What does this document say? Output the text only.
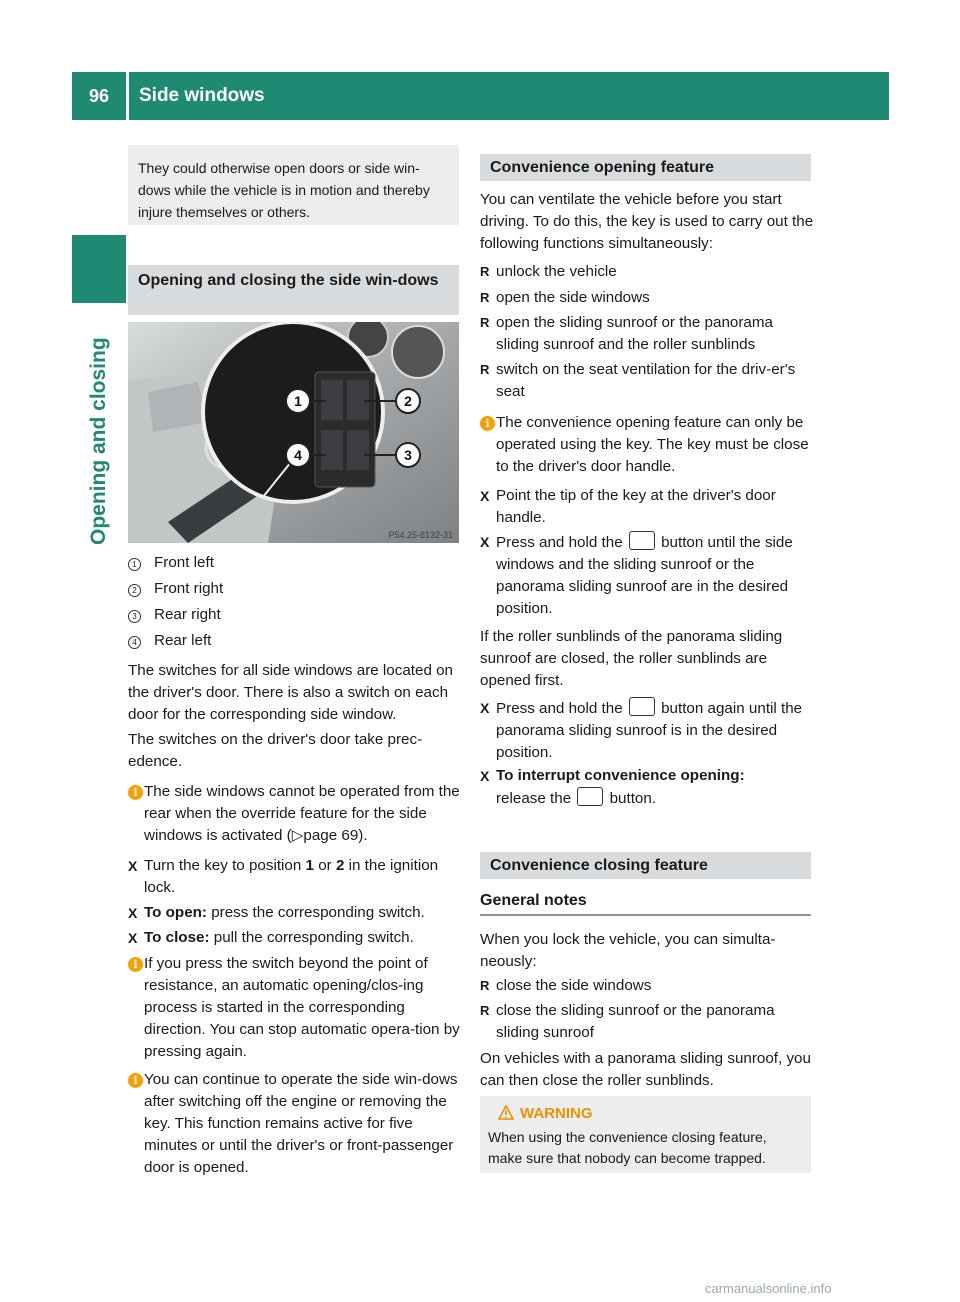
96	Side windows
Opening and closing
They could otherwise open doors or side win-dows while the vehicle is in motion and thereby injure themselves or others.
Opening and closing the side win-dows
1	2
3
4
P54.25-8132-31
1	Front left
2	Front right
3	Rear right
4	Rear left
The switches for all side windows are located on the driver's door. There is also a switch on each door for the corresponding side window.
The switches on the driver's door take prec-edence.
i The side windows cannot be operated from the rear when the override feature for the side windows is activated (▷page 69).
X Turn the key to position 1 or 2 in the ignition lock.
X To open: press the corresponding switch.
X To close: pull the corresponding switch.
i If you press the switch beyond the point of resistance, an automatic opening/clos-ing process is started in the corresponding direction. You can stop automatic opera-tion by pressing again.
i You can continue to operate the side win-dows after switching off the engine or removing the key. This function remains active for five minutes or until the driver's or front-passenger door is opened.
Convenience opening feature
You can ventilate the vehicle before you start driving. To do this, the key is used to carry out the following functions simultaneously:
R unlock the vehicle
R open the side windows
R open the sliding sunroof or the panorama sliding sunroof and the roller sunblinds
R switch on the seat ventilation for the driv-er's seat
i The convenience opening feature can only be operated using the key. The key must be close to the driver's door handle.
X Point the tip of the key at the driver's door handle.
X Press and hold the  button until the side windows and the sliding sunroof or the panorama sliding sunroof are in the desired position.
If the roller sunblinds of the panorama sliding sunroof are closed, the roller sunblinds are opened first.
X Press and hold the  button again until the panorama sliding sunroof is in the desired position.
X To interrupt convenience opening:
release the  button.
Convenience closing feature
General notes
When you lock the vehicle, you can simulta-neously:
R close the side windows
R close the sliding sunroof or the panorama sliding sunroof
On vehicles with a panorama sliding sunroof, you can then close the roller sunblinds.
WARNING
When using the convenience closing feature, make sure that nobody can become trapped.
carmanualsonline.info
